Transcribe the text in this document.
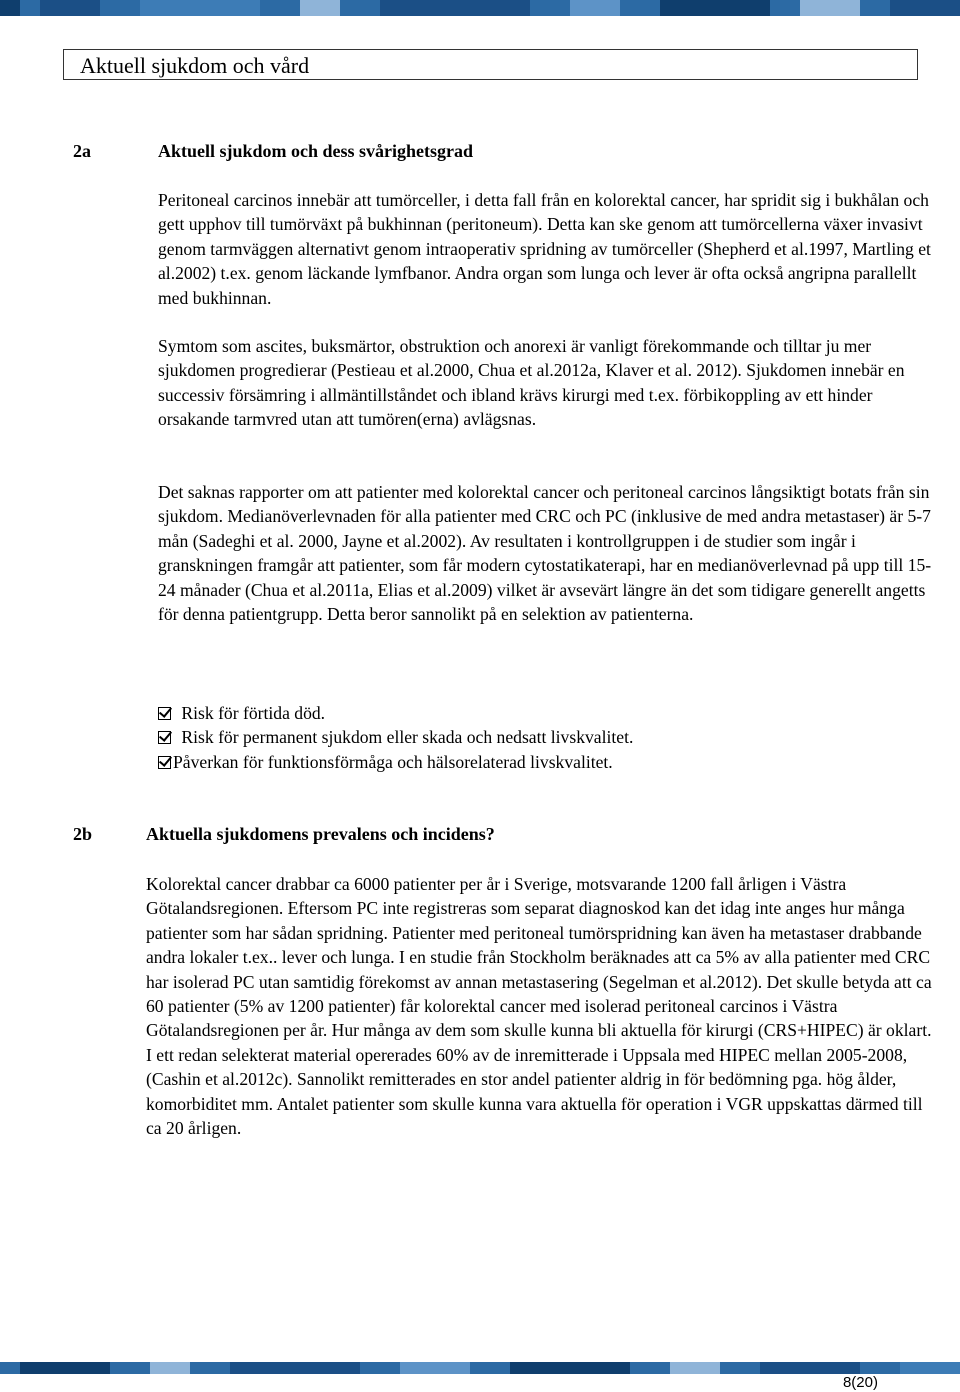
Aktuell sjukdom och vård
2a	Aktuell sjukdom och dess svårighetsgrad

Peritoneal carcinos innebär att tumörceller, i detta fall från en kolorektal cancer, har spridit sig i bukhålan och gett upphov till tumörväxt på bukhinnan (peritoneum). Detta kan ske genom att tumörcellerna växer invasivt genom tarmväggen alternativt genom intraoperativ spridning av tumörceller (Shepherd et al.1997, Martling et al.2002) t.ex. genom läckande lymfbanor. Andra organ som lunga och lever är ofta också angripna parallellt med bukhinnan.

Symtom som ascites, buksmärtor, obstruktion och anorexi är vanligt förekommande och tilltar ju mer sjukdomen progredierar (Pestieau et al.2000, Chua et al.2012a, Klaver et al. 2012). Sjukdomen innebär en successiv försämring i allmäntillståndet och ibland krävs kirurgi med t.ex. förbikoppling av ett hinder orsakande tarmvred utan att tumören(erna) avlägsnas.

Det saknas rapporter om att patienter med kolorektal cancer och peritoneal carcinos långsiktigt botats från sin sjukdom. Medianöverlevnaden för alla patienter med CRC och PC (inklusive de med andra metastaser) är 5-7 mån (Sadeghi et al. 2000, Jayne et al.2002). Av resultaten i kontrollgruppen i de studier som ingår i granskningen framgår att patienter, som får modern cytostatikaterapi, har en medianöverlevnad på upp till 15-24 månader (Chua et al.2011a, Elias et al.2009) vilket är avsevärt längre än det som tidigare generellt angetts för denna patientgrupp. Detta beror sannolikt på en selektion av patienterna.

Risk för förtida död.
Risk för permanent sjukdom eller skada och nedsatt livskvalitet.
Påverkan för funktionsförmåga och hälsorelaterad livskvalitet.
2b	Aktuella sjukdomens prevalens och incidens?

Kolorektal cancer drabbar ca 6000 patienter per år i Sverige, motsvarande 1200 fall årligen i Västra Götalandsregionen. Eftersom PC inte registreras som separat diagnoskod kan det idag inte anges hur många patienter som har sådan spridning. Patienter med peritoneal tumörspridning kan även ha metastaser drabbande andra lokaler t.ex.. lever och lunga. I en studie från Stockholm beräknades att ca 5% av alla patienter med CRC har isolerad PC utan samtidig förekomst av annan metastasering (Segelman et al.2012). Det skulle betyda att ca 60 patienter (5% av 1200 patienter) får kolorektal cancer med isolerad peritoneal carcinos i Västra Götalandsregionen per år. Hur många av dem som skulle kunna bli aktuella för kirurgi (CRS+HIPEC) är oklart. I ett redan selekterat material opererades 60% av de inremitterade i Uppsala med HIPEC mellan 2005-2008, (Cashin et al.2012c). Sannolikt remitterades en stor andel patienter aldrig in för bedömning pga. hög ålder, komorbiditet mm. Antalet patienter som skulle kunna vara aktuella för operation i VGR uppskattas därmed till ca 20 årligen.

8(20)
